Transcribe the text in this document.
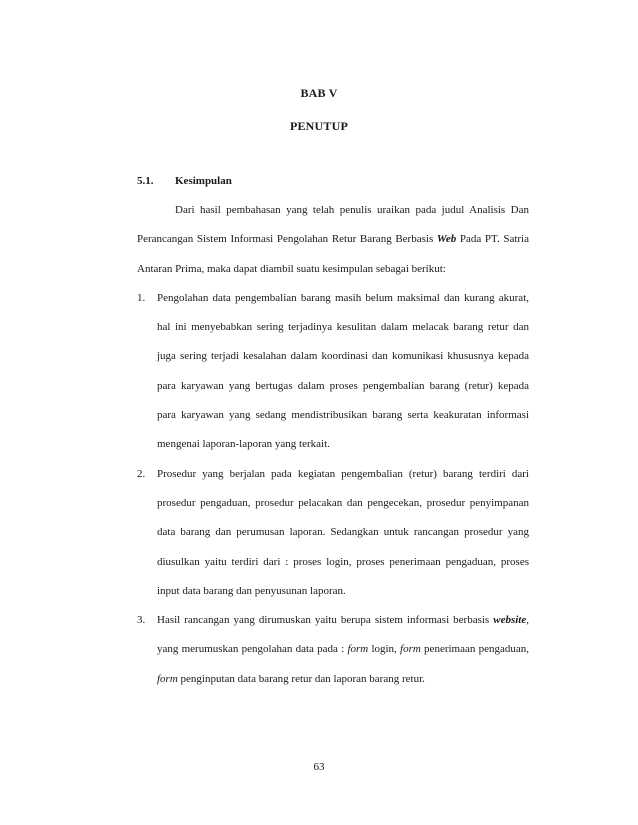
BAB V
PENUTUP
5.1. Kesimpulan

Dari hasil pembahasan yang telah penulis uraikan pada judul Analisis Dan Perancangan Sistem Informasi Pengolahan Retur Barang Berbasis Web Pada PT. Satria Antaran Prima, maka dapat diambil suatu kesimpulan sebagai berikut:

1. Pengolahan data pengembalian barang masih belum maksimal dan kurang akurat, hal ini menyebabkan sering terjadinya kesulitan dalam melacak barang retur dan juga sering terjadi kesalahan dalam koordinasi dan komunikasi khususnya kepada para karyawan yang bertugas dalam proses pengembalian barang (retur) kepada para karyawan yang sedang mendistribusikan barang serta keakuratan informasi mengenai laporan-laporan yang terkait.
2. Prosedur yang berjalan pada kegiatan pengembalian (retur) barang terdiri dari prosedur pengaduan, prosedur pelacakan dan pengecekan, prosedur penyimpanan data barang dan perumusan laporan. Sedangkan untuk rancangan prosedur yang diusulkan yaitu terdiri dari : proses login, proses penerimaan pengaduan, proses input data barang dan penyusunan laporan.
3. Hasil rancangan yang dirumuskan yaitu berupa sistem informasi berbasis website, yang merumuskan pengolahan data pada : form login, form penerimaan pengaduan, form penginputan data barang retur dan laporan barang retur.
63
